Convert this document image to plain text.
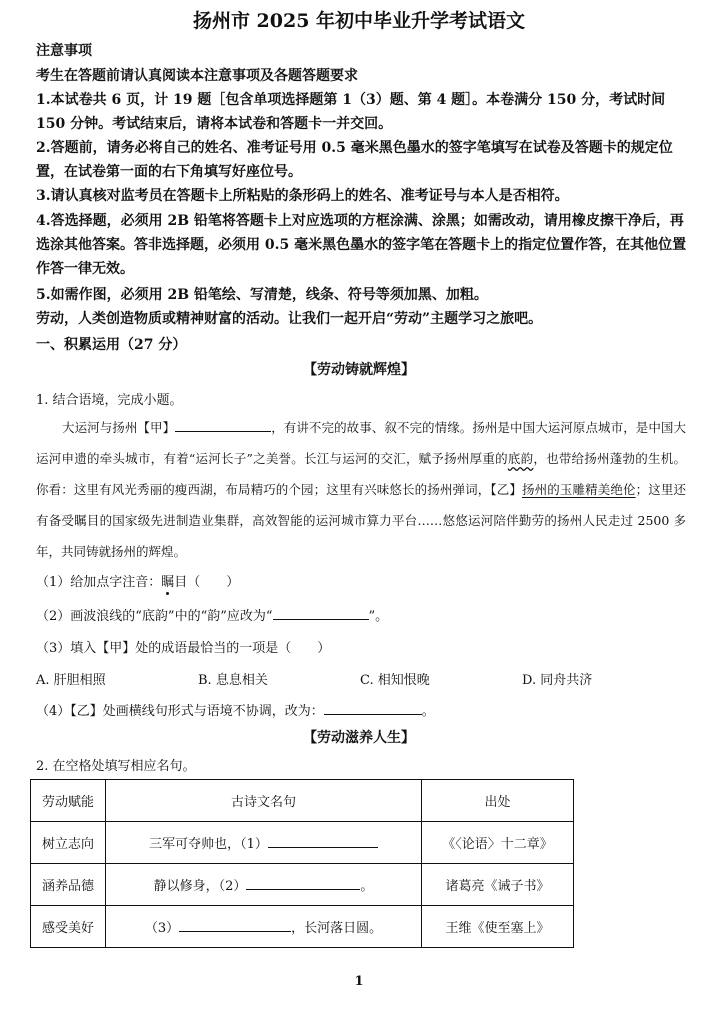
扬州市 2025 年初中毕业升学考试语文
注意事项
考生在答题前请认真阅读本注意事项及各题答题要求
1.本试卷共 6 页，计 19 题［包含单项选择题第 1（3）题、第 4 题］。本卷满分 150 分，考试时间 150 分钟。考试结束后，请将本试卷和答题卡一并交回。
2.答题前，请务必将自己的姓名、准考证号用 0.5 毫米黑色墨水的签字笔填写在试卷及答题卡的规定位置，在试卷第一面的右下角填写好座位号。
3.请认真核对监考员在答题卡上所粘贴的条形码上的姓名、准考证号与本人是否相符。
4.答选择题，必须用 2B 铅笔将答题卡上对应选项的方框涂满、涂黑；如需改动，请用橡皮擦干净后，再选涂其他答案。答非选择题，必须用 0.5 毫米黑色墨水的签字笔在答题卡上的指定位置作答，在其他位置作答一律无效。
5.如需作图，必须用 2B 铅笔绘、写清楚，线条、符号等须加黑、加粗。
劳动，人类创造物质或精神财富的活动。让我们一起开启“劳动”主题学习之旅吧。
一、积累运用（27 分）
【劳动铸就辉煌】
1. 结合语境，完成小题。
大运河与扬州【甲】	，有讲不完的故事、叙不完的情缘。扬州是中国大运河原点城市，是中国大运河申遗的牵头城市，有着“运河长子”之美誉。长江与运河的交汇，赋予扬州厚重的底韵，也带给扬州蓬勃的生机。你看：这里有风光秀丽的瘦西湖，布局精巧的个园；这里有兴味悠长的扬州弹词，【乙】扬州的玉雕精美绝伦；这里还有备受瞩目的国家级先进制造业集群，高效智能的运河城市算力平台……悠悠运河陪伴勤劳的扬州人民走过 2500 多年，共同铸就扬州的辉煌。
（1）给加点字注音：瞩目（　　）
（2）画波浪线的“底韵”中的“韵”应改为“	”。
（3）填入【甲】处的成语最恰当的一项是（　　）
A. 肝胆相照	B. 息息相关	C. 相知恨晚	D. 同舟共济
（4）【乙】处画横线句形式与语境不协调，改为：	。
【劳动滋养人生】
2. 在空格处填写相应名句。
劳动赋能	古诗文名句	出处
树立志向	三军可夺帅也，（1）	《〈论语〉十二章》
涵养品德	静以修身，（2） 。	诸葛亮《诫子书》
感受美好	（3） ，长河落日圆。	王维《使至塞上》
1
